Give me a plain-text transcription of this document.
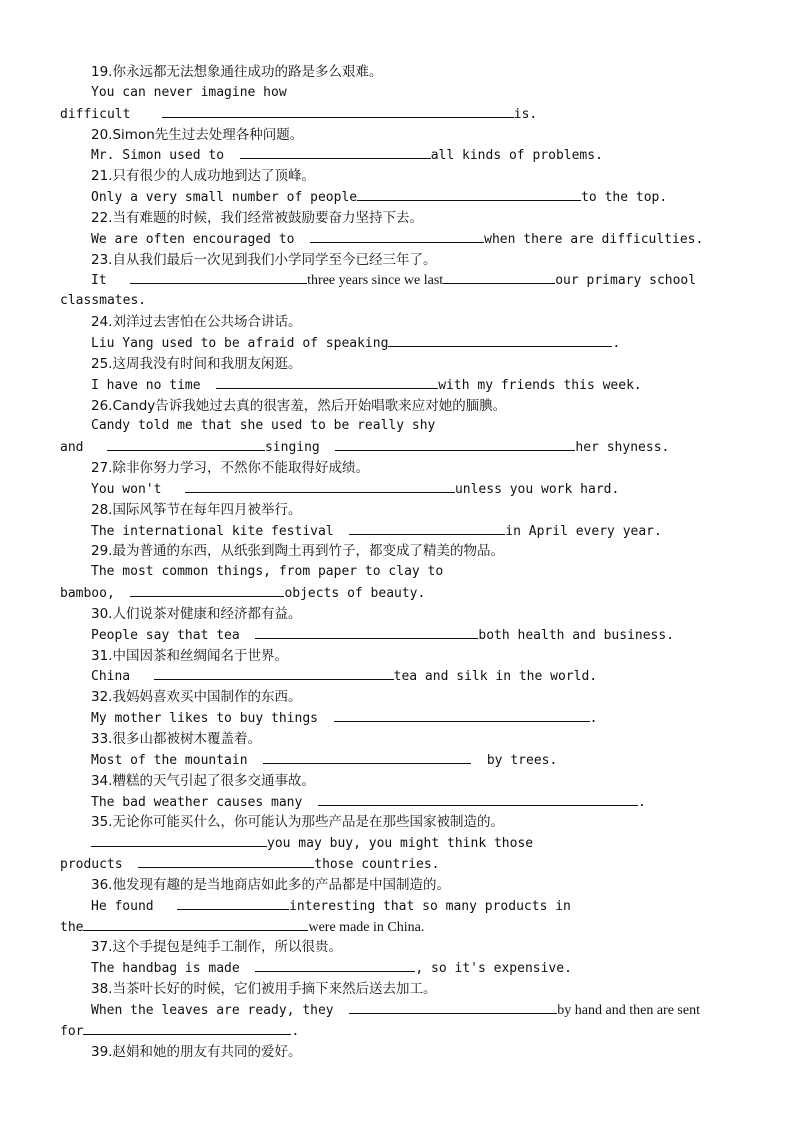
19.你永远都无法想象通往成功的路是多么艰难。
You can never imagine how
difficult	is.
20.Simon先生过去处理各种问题。
Mr. Simon used to	all kinds of problems.
21.只有很少的人成功地到达了顶峰。
Only a very small number of people	to the top.
22.当有难题的时候，我们经常被鼓励要奋力坚持下去。
We are often encouraged to	when there are difficulties.
23.自从我们最后一次见到我们小学同学至今已经三年了。
It	three years since we last	our primary school
classmates.
24.刘洋过去害怕在公共场合讲话。
Liu Yang used to be afraid of speaking	.
25.这周我没有时间和我朋友闲逛。
I have no time	with my friends this week.
26.Candy告诉我她过去真的很害羞，然后开始唱歌来应对她的腼腆。
Candy told me that she used to be really shy
and	singing	her shyness.
27.除非你努力学习，不然你不能取得好成绩。
You won't	unless you work hard.
28.国际风筝节在每年四月被举行。
The international kite festival	in April every year.
29.最为普通的东西，从纸张到陶土再到竹子，都变成了精美的物品。
The most common things, from paper to clay to
bamboo,	objects of beauty.
30.人们说茶对健康和经济都有益。
People say that tea	both health and business.
31.中国因茶和丝绸闻名于世界。
China	tea and silk in the world.
32.我妈妈喜欢买中国制作的东西。
My mother likes to buy things	.
33.很多山都被树木覆盖着。
Most of the mountain	by trees.
34.糟糕的天气引起了很多交通事故。
The bad weather causes many	.
35.无论你可能买什么，你可能认为那些产品是在那些国家被制造的。
you may buy, you might think those
products	those countries.
36.他发现有趣的是当地商店如此多的产品都是中国制造的。
He found	interesting that so many products in
the	were made in China.
37.这个手提包是纯手工制作，所以很贵。
The handbag is made	, so it's expensive.
38.当茶叶长好的时候，它们被用手摘下来然后送去加工。
When the leaves are ready, they	by hand and then are sent
for	.
39.赵娟和她的朋友有共同的爱好。
